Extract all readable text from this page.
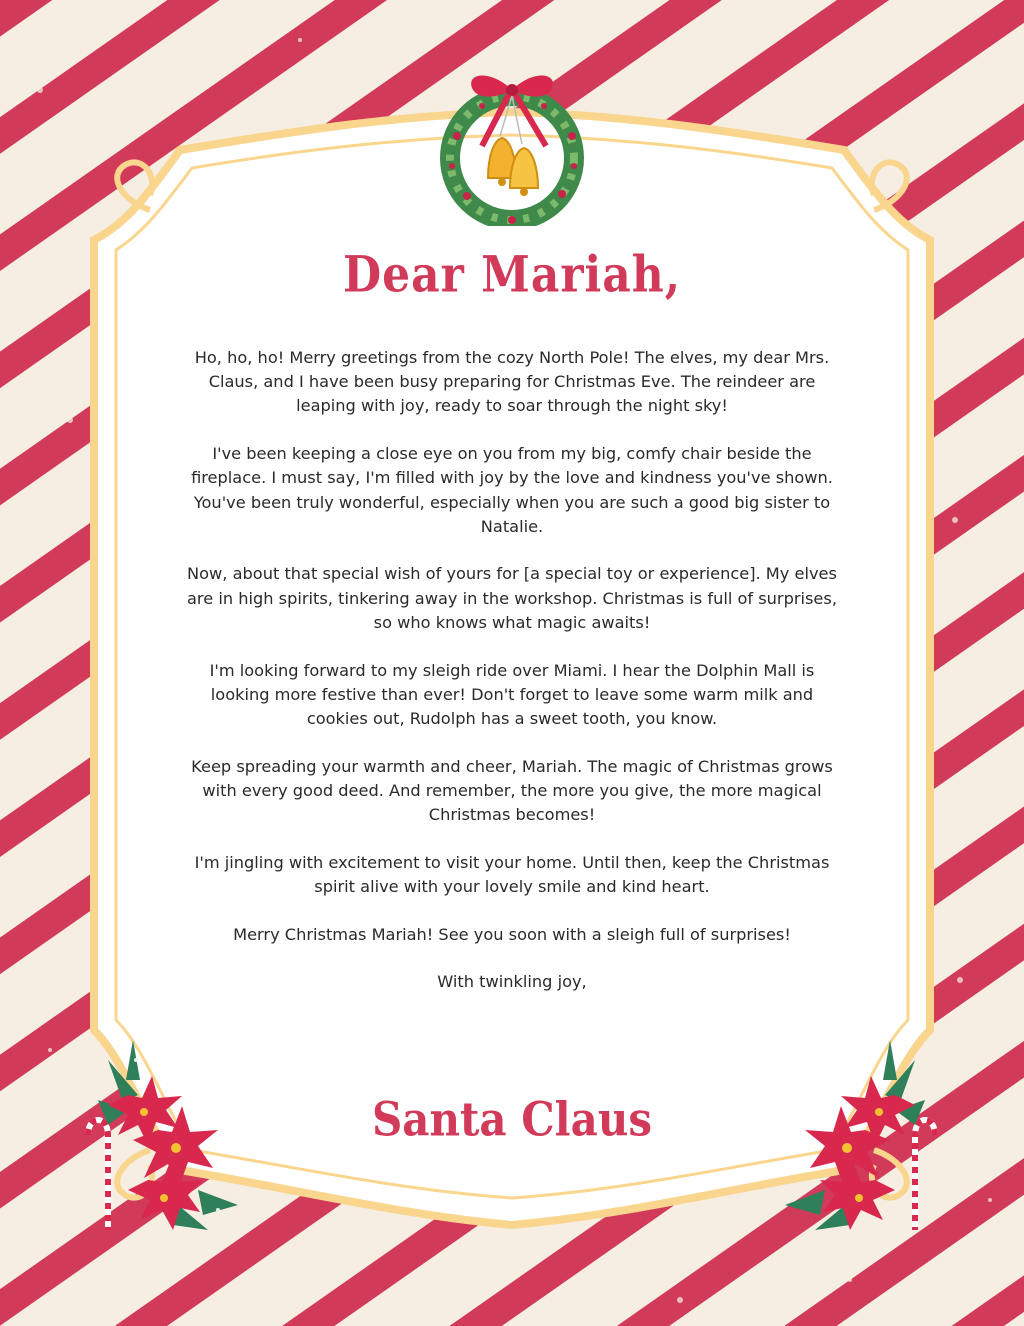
Dear Mariah,

Ho, ho, ho! Merry greetings from the cozy North Pole! The elves, my dear Mrs. Claus, and I have been busy preparing for Christmas Eve. The reindeer are leaping with joy, ready to soar through the night sky!

I've been keeping a close eye on you from my big, comfy chair beside the fireplace. I must say, I'm filled with joy by the love and kindness you've shown. You've been truly wonderful, especially when you are such a good big sister to Natalie.

Now, about that special wish of yours for [a special toy or experience]. My elves are in high spirits, tinkering away in the workshop. Christmas is full of surprises, so who knows what magic awaits!

I'm looking forward to my sleigh ride over Miami. I hear the Dolphin Mall is looking more festive than ever! Don't forget to leave some warm milk and cookies out, Rudolph has a sweet tooth, you know.

Keep spreading your warmth and cheer, Mariah. The magic of Christmas grows with every good deed. And remember, the more you give, the more magical Christmas becomes!

I'm jingling with excitement to visit your home. Until then, keep the Christmas spirit alive with your lovely smile and kind heart.

Merry Christmas Mariah! See you soon with a sleigh full of surprises!

With twinkling joy,

Santa Claus
